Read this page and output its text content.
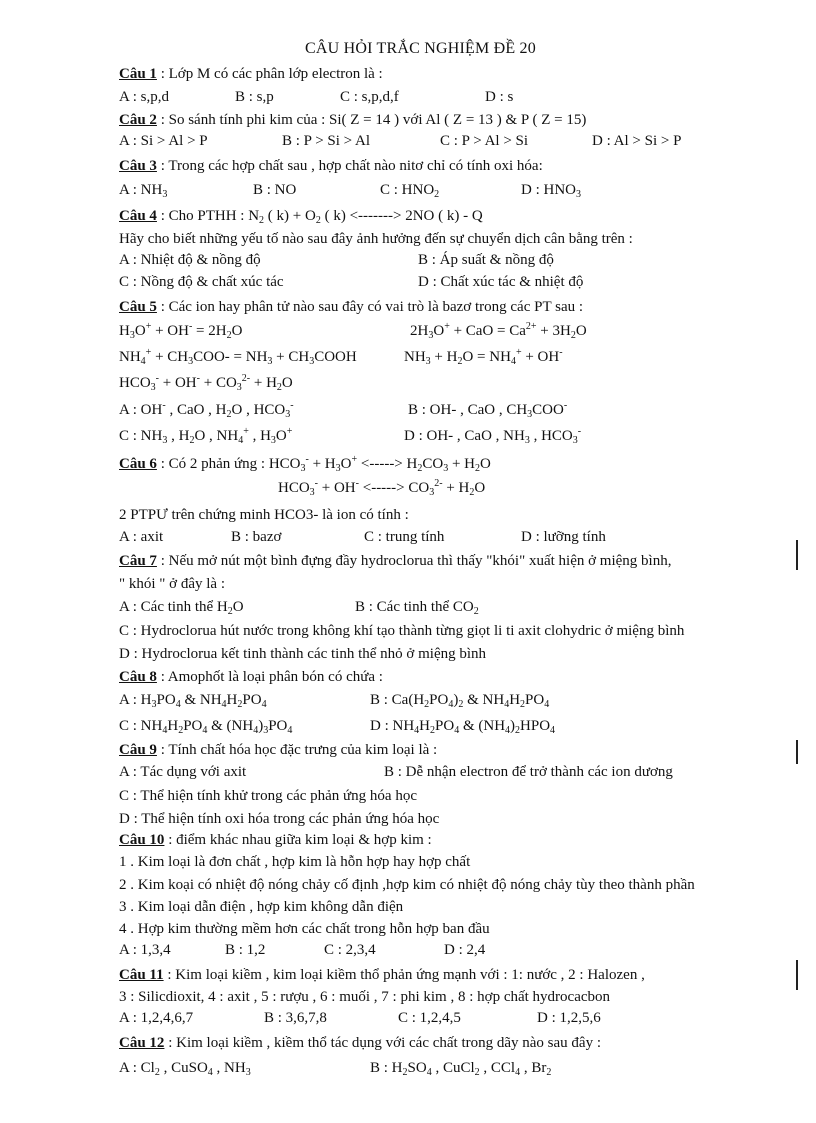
CÂU HỎI TRẮC NGHIỆM ĐỀ 20
Câu 1 : Lớp M có các phân lớp electron là :
A : s,p,d	B : s,p	C : s,p,d,f	D : s
Câu 2 : So sánh tính phi kim của : Si( Z = 14 ) với Al ( Z = 13 ) & P ( Z = 15)
A : Si > Al > P	B : P > Si > Al	C : P > Al > Si	D : Al > Si > P
Câu 3 : Trong các hợp chất sau , hợp chất nào nitơ chỉ có tính oxi hóa:
A : $NH_3$	B : NO	C : $HNO_2$	D : $HNO_3$
Câu 4 : Cho PTHH : $N_2$ ( $k) + O_2$ ( k) <-------> 2NO ( k) - Q
Hãy cho biết những yếu tố nào sau đây ảnh hưởng đến sự chuyển dịch cân bằng trên :
A : Nhiệt độ & nồng độ	B : Áp suất & nồng độ
C : Nồng độ & chất xúc tác	D : Chất xúc tác & nhiệt độ
Câu 5 : Các ion hay phân tử nào sau đây có vai trò là bazơ trong các PT sau :
$H_3O^+ + OH^- = 2H_2O$	$2H_3O^+$ + CaO = $Ca^{2+} + 3H_2O$
$NH_4^+ + CH_3COO- = NH_3$ + $CH_3COOH$	$NH_3 + H_2O = NH_4^+ + OH^-$
$HCO_3^- + OH^- + CO_3^{2-} + H_2O$
A : OH- , CaO , $H_2O$ , $HCO_3^-$	B : OH- , CaO , $CH_3COO^-$
C : $NH_3$ , $H_2O$ , $NH_4^+$ , $H_3O^+$	D : OH- , CaO , $NH_3$ , $HCO_3^-$
Câu 6 : Có 2 phản ứng : $HCO_3^- + H_3O^+$ <-----> $H_2CO_3 + H_2O$
$HCO_3^- + OH^-$ <-----> $CO_3^{2-} + H_2O$
2 PTPƯ trên chứng minh HCO3- là ion có tính :
A : axit	B : bazơ	C : trung tính	D : lưỡng tính
Câu 7 : Nếu mở nút một bình đựng đầy hydroclorua thì thấy "khói" xuất hiện ở miệng bình,
" khói " ở đây là :
A : Các tinh thể $H_2O$	B : Các tinh thể $CO_2$
C : Hydroclorua hút nước trong không khí tạo thành từng giọt li ti axit clohydric ở miệng bình
D : Hydroclorua kết tinh thành các tinh thể nhỏ ở miệng bình
Câu 8 : Amophốt là loại phân bón có chứa :
A : $H_3PO_4$ & $NH_4H_2PO_4$	B : $Ca(H_2PO_4)_2$ & $NH_4H_2PO_4$
C : $NH_4H_2PO_4$ & $(NH_4)_3PO_4$	D : $NH_4H_2PO_4$ & $(NH_4)_2HPO_4$
Câu 9 : Tính chất hóa học đặc trưng của kim loại là :
A : Tác dụng với axit	B : Dễ nhận electron để trở thành các ion dương
C : Thể hiện tính khử trong các phản ứng hóa học
D : Thể hiện tính oxi hóa trong các phản ứng hóa học
Câu 10 : điểm khác nhau giữa kim loại & hợp kim :
1 . Kim loại là đơn chất , hợp kim là hỗn hợp hay hợp chất
2 . Kim koại có nhiệt độ nóng chảy cố định ,hợp kim có nhiệt độ nóng chảy tùy theo thành phần
3 . Kim loại dẫn điện , hợp kim không dẫn điện
4 . Hợp kim thường mềm hơn các chất trong hỗn hợp ban đầu
A : 1,3,4	B : 1,2	C : 2,3,4	D : 2,4
Câu 11 : Kim loại kiềm , kim loại kiềm thổ phản ứng mạnh với : 1: nước , 2 : Halozen ,
3 : Silicdioxit, 4 : axit , 5 : rượu , 6 : muối , 7 : phi kim , 8 : hợp chất hydrocacbon
A : 1,2,4,6,7	B : 3,6,7,8	C : 1,2,4,5	D : 1,2,5,6
Câu 12 : Kim loại kiềm , kiềm thổ tác dụng với các chất trong dãy nào sau đây :
A : $Cl_2$ , CuSO$_4$ , $NH_3$	B : $H_2SO_4$ , CuCl$_2$ , CCl$_4$ , $Br_2$
